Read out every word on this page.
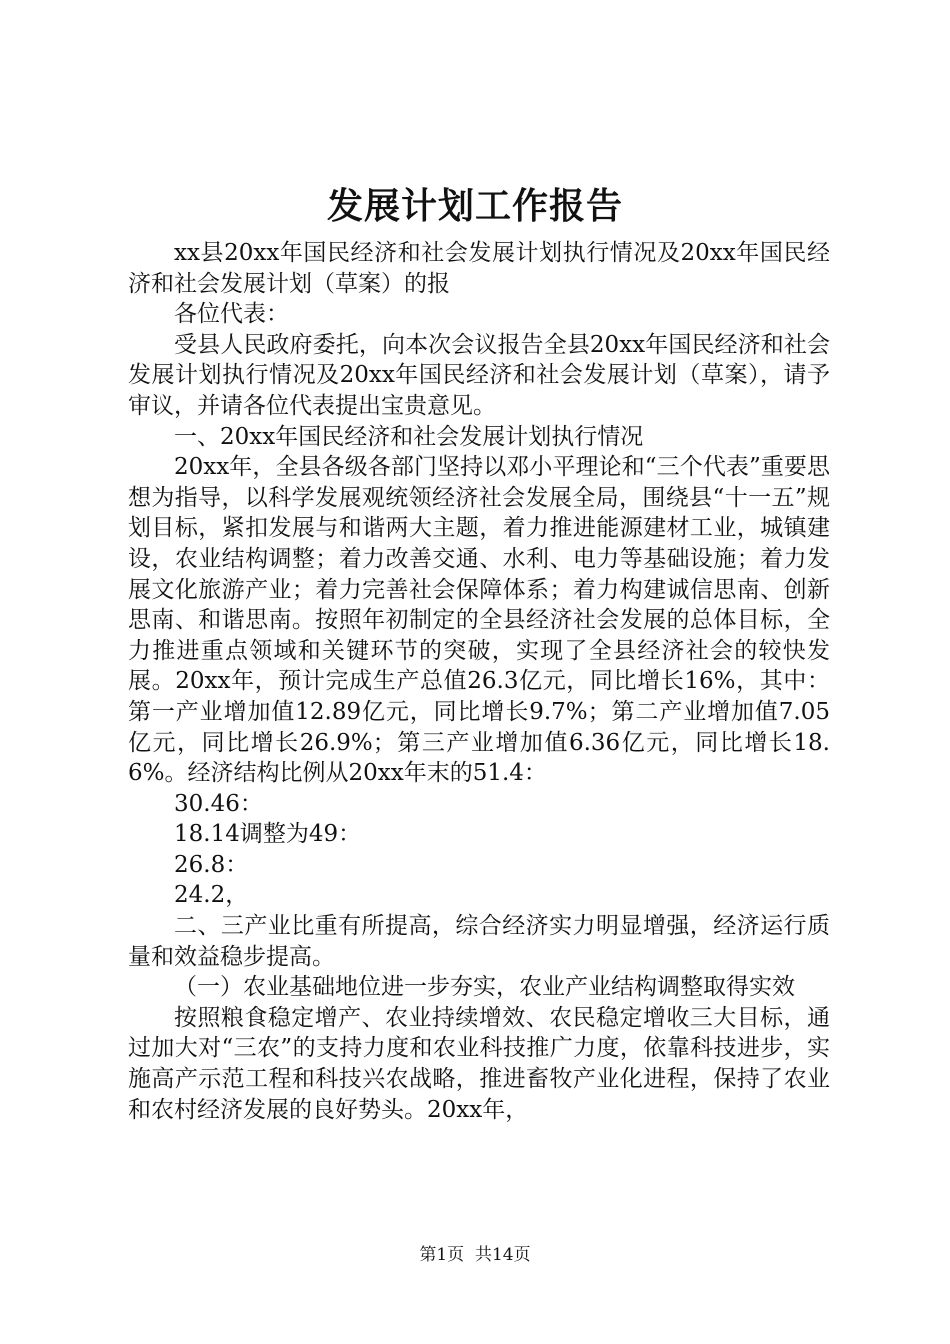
发展计划工作报告

xx县20xx年国民经济和社会发展计划执行情况及20xx年国民经济和社会发展计划（草案）的报

各位代表：

受县人民政府委托，向本次会议报告全县20xx年国民经济和社会发展计划执行情况及20xx年国民经济和社会发展计划（草案），请予审议，并请各位代表提出宝贵意见。

一、20xx年国民经济和社会发展计划执行情况

20xx年，全县各级各部门坚持以邓小平理论和“三个代表”重要思想为指导，以科学发展观统领经济社会发展全局，围绕县“十一五”规划目标，紧扣发展与和谐两大主题，着力推进能源建材工业，城镇建设，农业结构调整；着力改善交通、水利、电力等基础设施；着力发展文化旅游产业；着力完善社会保障体系；着力构建诚信思南、创新思南、和谐思南。按照年初制定的全县经济社会发展的总体目标，全力推进重点领域和关键环节的突破，实现了全县经济社会的较快发展。20xx年，预计完成生产总值26.3亿元，同比增长16%，其中：第一产业增加值12.89亿元，同比增长9.7%；第二产业增加值7.05亿元，同比增长26.9%；第三产业增加值6.36亿元，同比增长18.6%。经济结构比例从20xx年末的51.4：

30.46：

18.14调整为49：

26.8：

24.2，

二、三产业比重有所提高，综合经济实力明显增强，经济运行质量和效益稳步提高。

（一）农业基础地位进一步夯实，农业产业结构调整取得实效

按照粮食稳定增产、农业持续增效、农民稳定增收三大目标，通过加大对“三农”的支持力度和农业科技推广力度，依靠科技进步，实施高产示范工程和科技兴农战略，推进畜牧产业化进程，保持了农业和农村经济发展的良好势头。20xx年，

第1页  共14页
